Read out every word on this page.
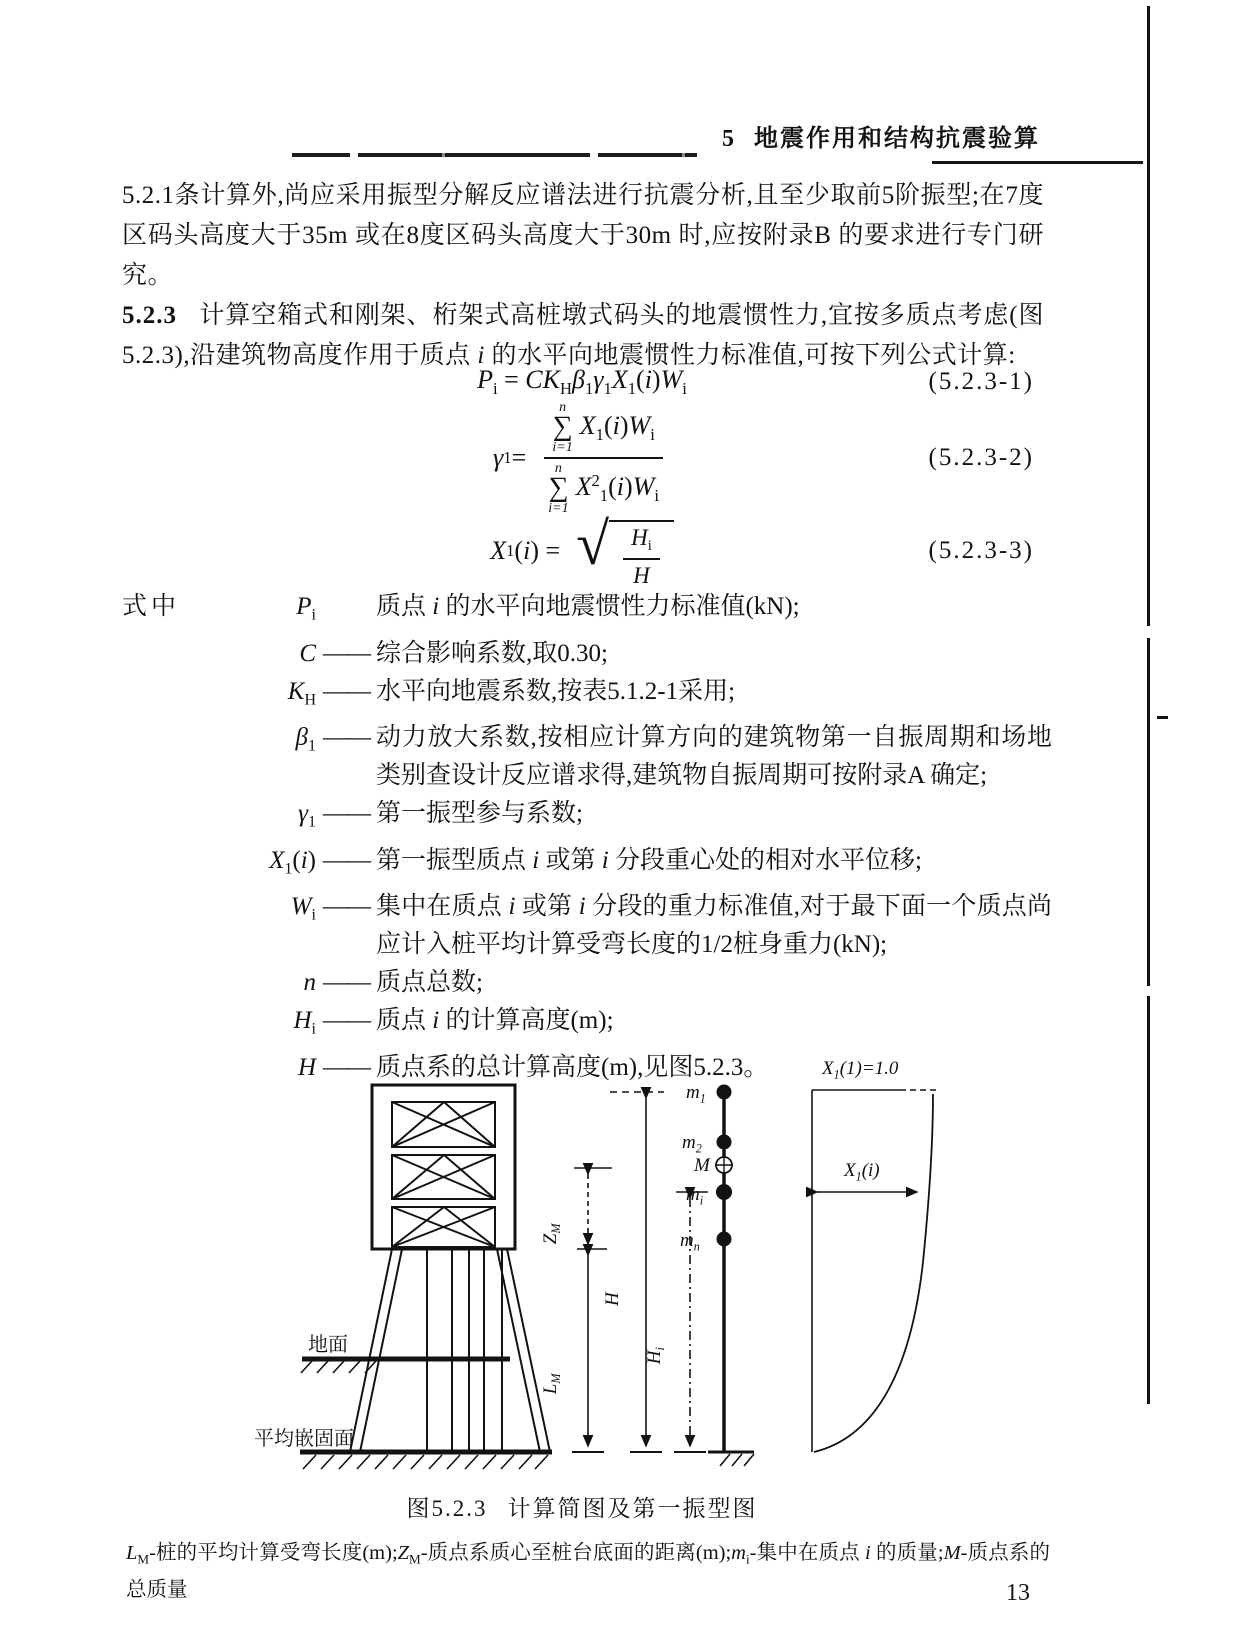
5 地震作用和结构抗震验算
5.2.1条计算外,尚应采用振型分解反应谱法进行抗震分析,且至少取前5阶振型;在7度区码头高度大于35m 或在8度区码头高度大于30m 时,应按附录B 的要求进行专门研究。
5.2.3 计算空箱式和刚架、桁架式高桩墩式码头的地震惯性力,宜按多质点考虑(图5.2.3),沿建筑物高度作用于质点 i 的水平向地震惯性力标准值,可按下列公式计算:
$P_i = CK_H\beta_1\gamma_1X_1(i)W_i$	(5.2.3-1)
γ 1 = n
∑
i=1
$X_1(i)W_i$
n
∑
i=1
$X^2_1(i)W_i$	(5.2.3-2)
X 1 ( i ) = √ $\frac{H_i}{H}$	(5.2.3-3)
式中	$P_i$ 质点 i 的水平向地震惯性力标准值(kN);
C —— 综合影响系数,取0.30;
$K_H$ —— 水平向地震系数,按表5.1.2-1采用;
$\beta_1$ —— 动力放大系数,按相应计算方向的建筑物第一自振周期和场地类别查设计反应谱求得,建筑物自振周期可按附录A 确定;
$\gamma_1$ —— 第一振型参与系数;
$X_1(i)$ —— 第一振型质点 i 或第 i 分段重心处的相对水平位移;
$W_i$ —— 集中在质点 i 或第 i 分段的重力标准值,对于最下面一个质点尚应计入桩平均计算受弯长度的1/2桩身重力(kN);
n —— 质点总数;
$H_i$ —— 质点 i 的计算高度(m);
H —— 质点系的总计算高度(m),见图5.2.3。
地面
平均嵌固面
$Z_M$
$L_M$
H
$H_i$
$m_1$
$m_2$
M
$m_i$
$m_n$
$X_1(1)=1.0$
$X_1(i)$
图5.2.3 计算简图及第一振型图
$L_M-$桩的平均计算受弯长度$(m);Z_M-$质点系质心至桩台底面的距离$(m);m_i-$集中在质点 i 的质量;M-质点系的总质量	13
